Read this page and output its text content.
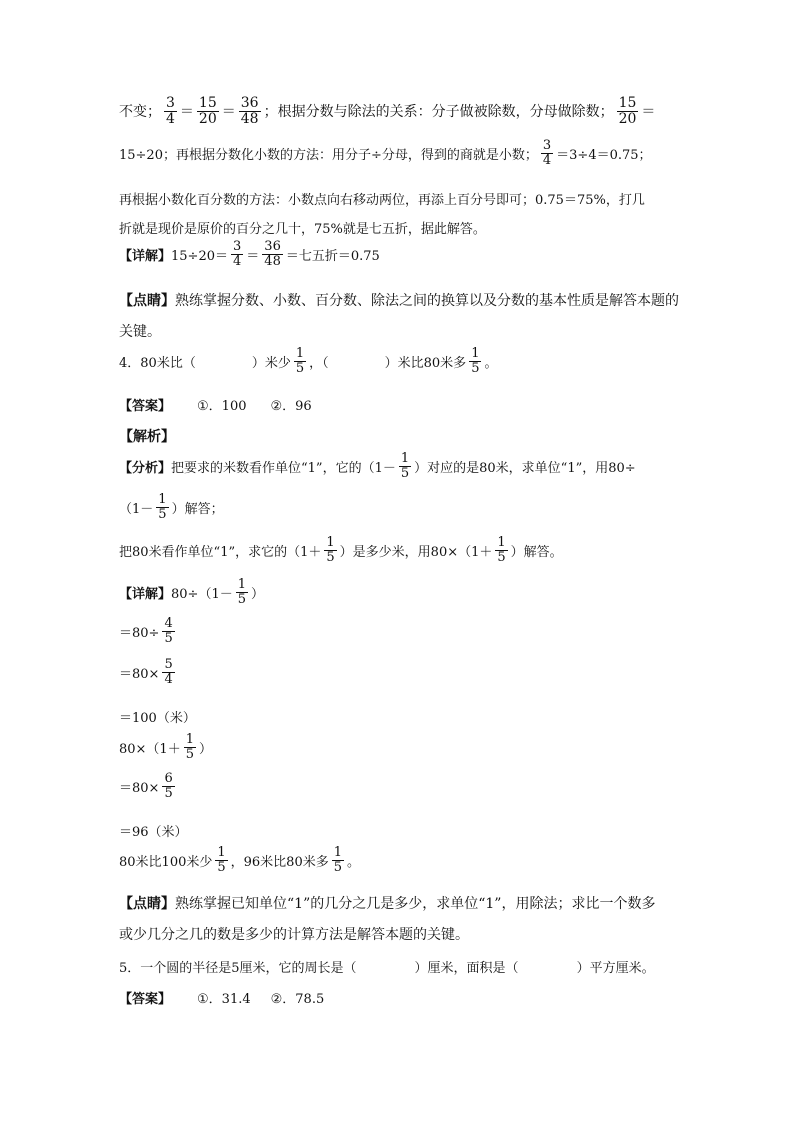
不变；
3
4 ＝
15
20 ＝
36
48 ；根据分数与除法的关系：分子做被除数，分母做除数；
15
20 ＝
15÷20；再根据分数化小数的方法：用分子÷分母，得到的商就是小数；
3
4 ＝3÷4＝0.75；
再根据小数化百分数的方法：小数点向右移动两位，再添上百分号即可；0.75＝75%，打几
折就是现价是原价的百分之几十，75%就是七五折，据此解答。
【详解】 15÷20＝
3
4 ＝
36
48 ＝七五折＝0.75
【点睛】 熟练掌握分数、小数、百分数、除法之间的换算以及分数的基本性质是解答本题的
关键。
4．80米比（	）米少
1
5 ，（	）米比80米多
1
5 。
【答案】 ①．100 ②．96
【解析】
【分析】 把要求的米数看作单位“1”，它的（1－
1
5 ）对应的是80米，求单位“1”，用80÷
（1－
1
5 ）解答；
把80米看作单位“1”，求它的（1＋
1
5 ）是多少米，用80×（1＋
1
5 ）解答。
【详解】 80÷（1－
1
5 ）
$=80\div \frac{4}{5}$
$=80\times \frac{5}{4}$
＝100（米）
80×（1＋
1
5 ）
$=80\times \frac{6}{5}$
＝96（米）
80米比100米少
1
5 ，96米比80米多
1
5 。
【点睛】 熟练掌握已知单位“1”的几分之几是多少，求单位“1”，用除法；求比一个数多
或少几分之几的数是多少的计算方法是解答本题的关键。
5．一个圆的半径是5厘米，它的周长是（	）厘米，面积是（	）平方厘米。
【答案】 ①．31.4 ②．78.5
